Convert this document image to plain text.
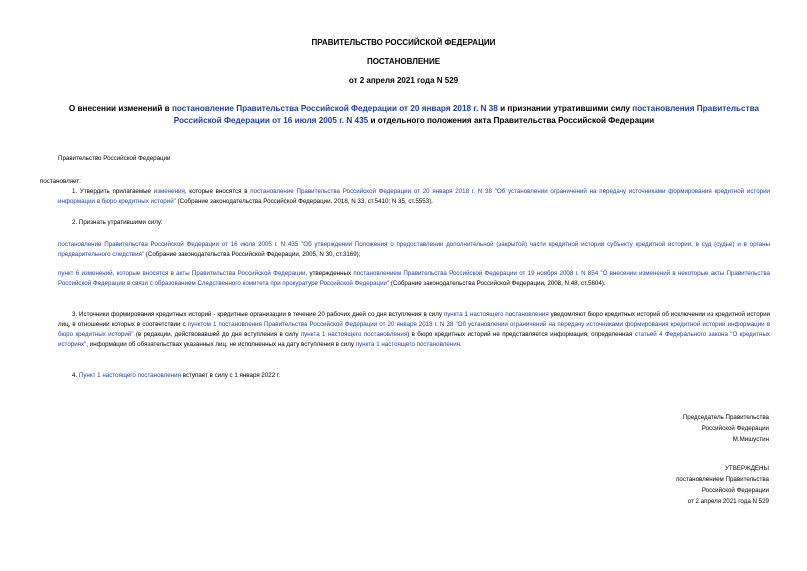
ПРАВИТЕЛЬСТВО РОССИЙСКОЙ ФЕДЕРАЦИИ
ПОСТАНОВЛЕНИЕ
от 2 апреля 2021 года N 529
О внесении изменений в постановление Правительства Российской Федерации от 20 января 2018 г. N 38 и признании утратившими силу постановления Правительства Российской Федерации от 16 июля 2005 г. N 435 и отдельного положения акта Правительства Российской Федерации
Правительство Российской Федерации
постановляет:
1. Утвердить прилагаемые изменения, которые вносятся в постановление Правительства Российской Федерации от 20 января 2018 г. N 38 "Об установлении ограничений на передачу источниками формирования кредитной истории информации в бюро кредитных историй" (Собрание законодательства Российской Федерации, 2018, N 33, ст.5410; N 35, ст.5553).
2. Признать утратившими силу:
постановление Правительства Российской Федерации от 16 июля 2005 г. N 435 "Об утверждении Положения о предоставлении дополнительной (закрытой) части кредитной истории субъекту кредитной истории, в суд (судье) и в органы предварительного следствия" (Собрание законодательства Российской Федерации, 2005, N 30, ст.3169);
пункт 6 изменений, которые вносятся в акты Правительства Российской Федерации, утвержденных постановлением Правительства Российской Федерации от 19 ноября 2008 г. N 854 "О внесении изменений в некоторые акты Правительства Российской Федерации в связи с образованием Следственного комитета при прокуратуре Российской Федерации" (Собрание законодательства Российской Федерации, 2008, N 48, ст.5604).
3. Источники формирования кредитных историй - кредитные организации в течение 20 рабочих дней со дня вступления в силу пункта 1 настоящего постановления уведомляют бюро кредитных историй об исключении из кредитной истории лиц, в отношении которых в соответствии с пунктом 1 постановления Правительства Российской Федерации от 20 января 2018 г. N 38 "Об установлении ограничений на передачу источниками формирования кредитной истории информации в бюро кредитных историй" (в редакции, действовавшей до дня вступления в силу пункта 1 настоящего постановления) в бюро кредитных историй не представляется информация, определенная статьей 4 Федерального закона "О кредитных историях", информации об обязательствах указанных лиц, не исполненных на дату вступления в силу пункта 1 настоящего постановления.
4. Пункт 1 настоящего постановления вступает в силу с 1 января 2022 г.
Председатель Правительства
Российской Федерации
М.Мишустин
УТВЕРЖДЕНЫ
постановлением Правительства
Российской Федерации
от 2 апреля 2021 года N 529
